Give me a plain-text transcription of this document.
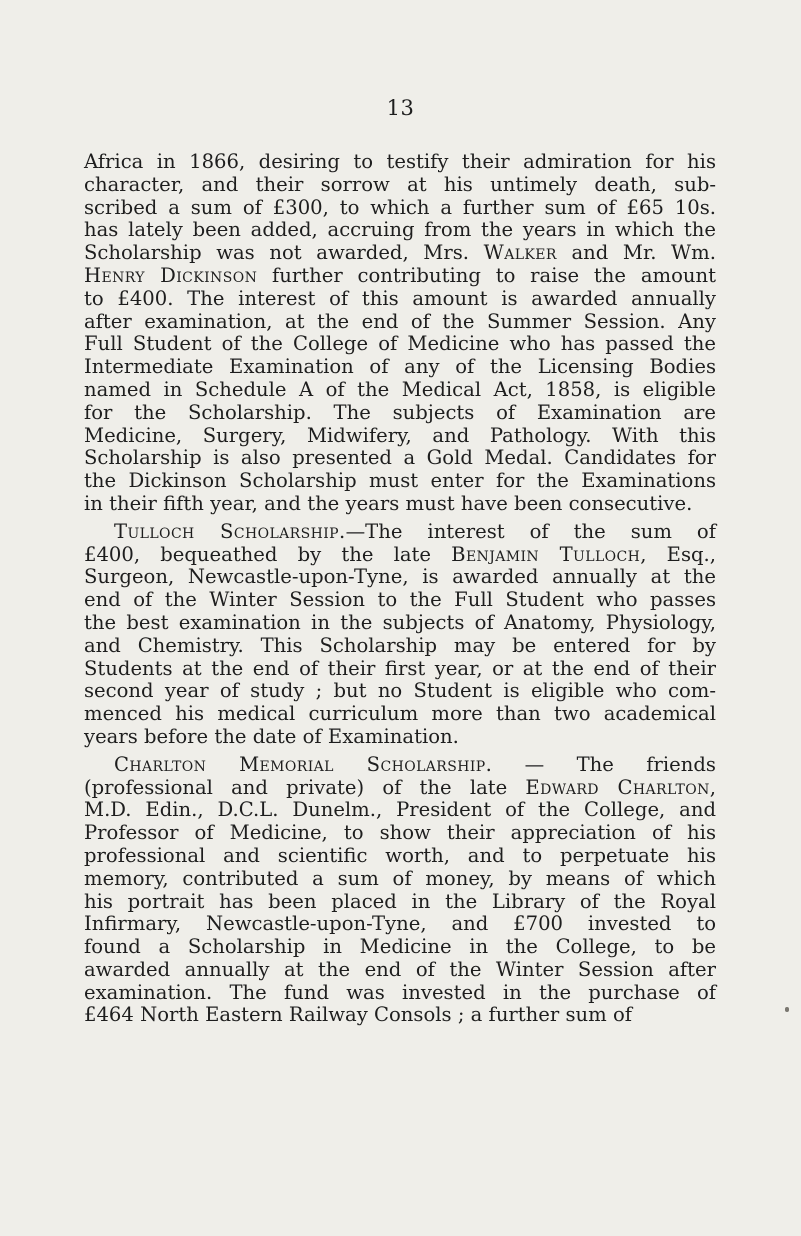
13
Africa in 1866, desiring to testify their admiration for his
character, and their sorrow at his untimely death, sub-
scribed a sum of £300, to which a further sum of £65 10s.
has lately been added, accruing from the years in which the
Scholarship was not awarded, Mrs. Walker and Mr. Wm.
Henry Dickinson further contributing to raise the amount
to £400. The interest of this amount is awarded annually
after examination, at the end of the Summer Session. Any
Full Student of the College of Medicine who has passed the
Intermediate Examination of any of the Licensing Bodies
named in Schedule A of the Medical Act, 1858, is eligible
for the Scholarship. The subjects of Examination are
Medicine, Surgery, Midwifery, and Pathology. With this
Scholarship is also presented a Gold Medal. Candidates for
the Dickinson Scholarship must enter for the Examinations
in their fifth year, and the years must have been consecutive.
Tulloch Scholarship.—The interest of the sum of
£400, bequeathed by the late Benjamin Tulloch, Esq.,
Surgeon, Newcastle-upon-Tyne, is awarded annually at the
end of the Winter Session to the Full Student who passes
the best examination in the subjects of Anatomy, Physiology,
and Chemistry. This Scholarship may be entered for by
Students at the end of their first year, or at the end of their
second year of study ; but no Student is eligible who com-
menced his medical curriculum more than two academical
years before the date of Examination.
Charlton Memorial Scholarship. — The friends
(professional and private) of the late Edward Charlton,
M.D. Edin., D.C.L. Dunelm., President of the College, and
Professor of Medicine, to show their appreciation of his
professional and scientific worth, and to perpetuate his
memory, contributed a sum of money, by means of which
his portrait has been placed in the Library of the Royal
Infirmary, Newcastle-upon-Tyne, and £700 invested to
found a Scholarship in Medicine in the College, to be
awarded annually at the end of the Winter Session after
examination. The fund was invested in the purchase of
£464 North Eastern Railway Consols ; a further sum of
